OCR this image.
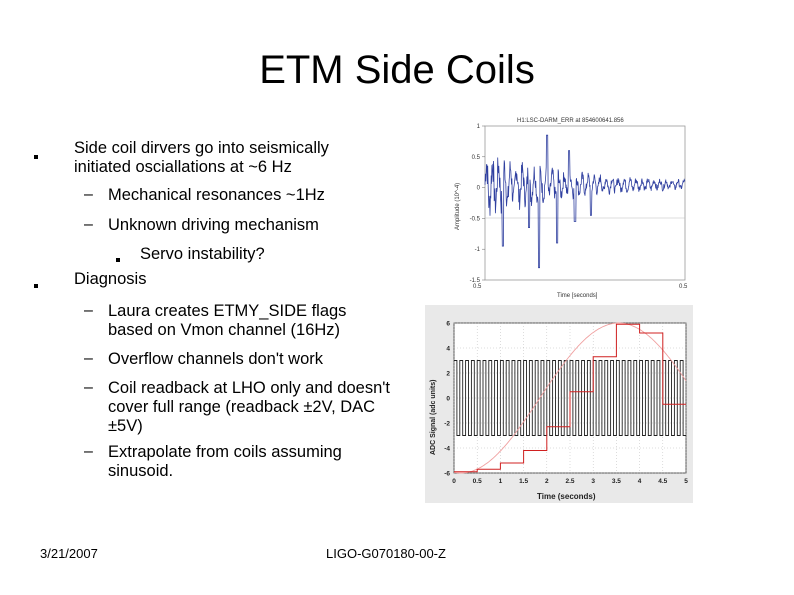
ETM Side Coils
Side coil dirvers go into seismically initiated osciallations at ~6 Hz
– Mechanical resonances ~1Hz
– Unknown driving mechanism
Servo instability?
Diagnosis
– Laura creates ETMY_SIDE flags based on Vmon channel (16Hz)
– Overflow channels don't work
– Coil readback at LHO only and doesn't cover full range (readback ±2V, DAC ±5V)
– Extrapolate from coils assuming sinusoid.
3/21/2007	LIGO-G070180-00-Z
H1:LSC-DARM_ERR at 854600641.856
1
0.5
0
-0.5
-1
-1.5
0.5	0.5
Time [seconds]
Amplitude (10^-4)
6
4
2
0
-2
-4
-6
0	0.5	1	1.5	2	2.5	3	3.5	4	4.5	5
Time (seconds)
ADC Signal (adc units)
